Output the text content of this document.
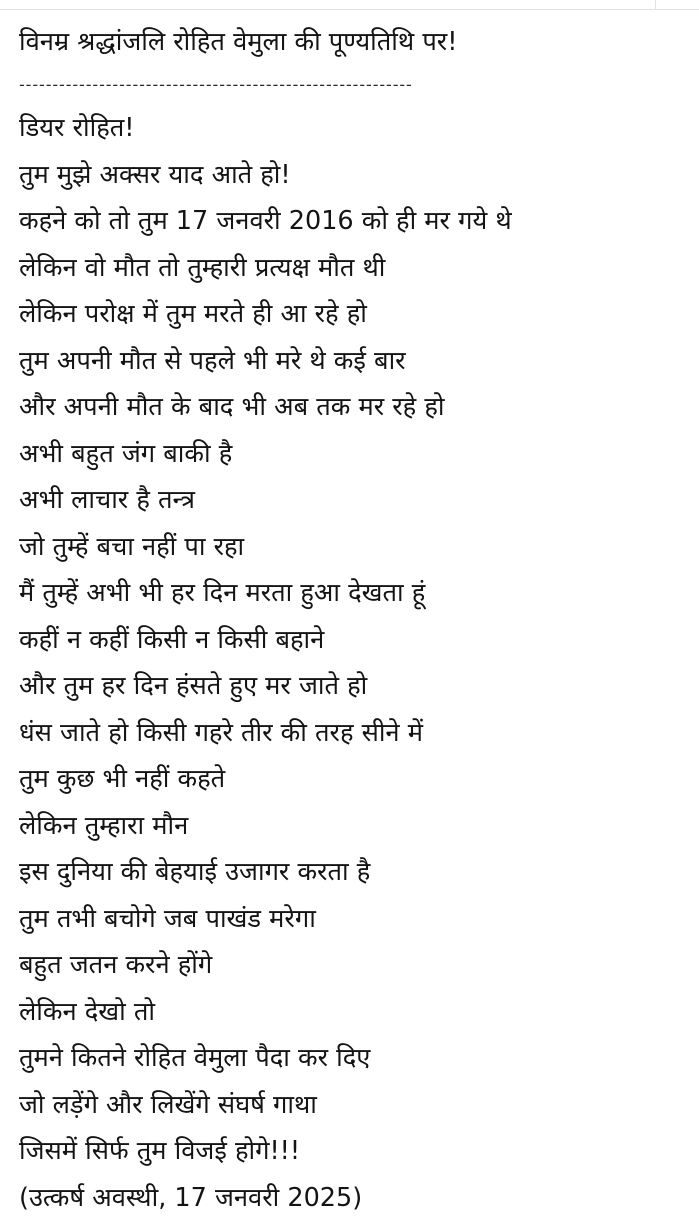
विनम्र श्रद्धांजलि रोहित वेमुला की पूण्यतिथि पर!
-----------------------------------------------------------
डियर रोहित!
तुम मुझे अक्सर याद आते हो!
कहने को तो तुम 17 जनवरी 2016 को ही मर गये थे
लेकिन वो मौत तो तुम्हारी प्रत्यक्ष मौत थी
लेकिन परोक्ष में तुम मरते ही आ रहे हो
तुम अपनी मौत से पहले भी मरे थे कई बार
और अपनी मौत के बाद भी अब तक मर रहे हो
अभी बहुत जंग बाकी है
अभी लाचार है तन्त्र
जो तुम्हें बचा नहीं पा रहा
मैं तुम्हें अभी भी हर दिन मरता हुआ देखता हूं
कहीं न कहीं किसी न किसी बहाने
और तुम हर दिन हंसते हुए मर जाते हो
धंस जाते हो किसी गहरे तीर की तरह सीने में
तुम कुछ भी नहीं कहते
लेकिन तुम्हारा मौन
इस दुनिया की बेहयाई उजागर करता है
तुम तभी बचोगे जब पाखंड मरेगा
बहुत जतन करने होंगे
लेकिन देखो तो
तुमने कितने रोहित वेमुला पैदा कर दिए
जो लड़ेंगे और लिखेंगे संघर्ष गाथा
जिसमें सिर्फ तुम विजई होगे!!!
(उत्कर्ष अवस्थी, 17 जनवरी 2025)
